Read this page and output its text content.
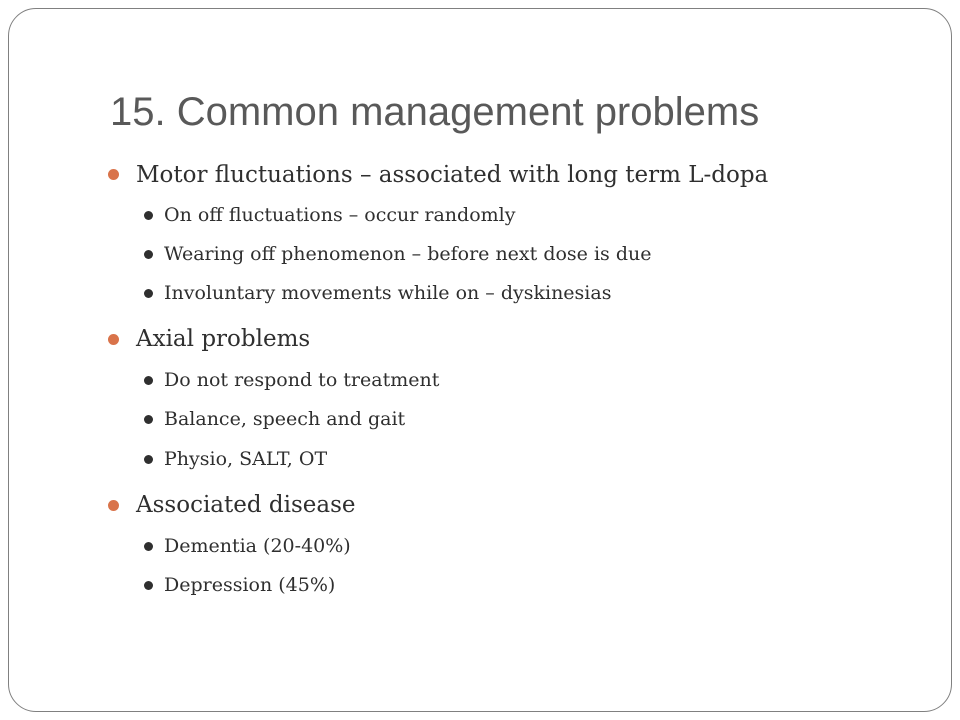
15. Common management problems
Motor fluctuations – associated with long term L-dopa
On off fluctuations – occur randomly
Wearing off phenomenon – before next dose is due
Involuntary movements while on – dyskinesias
Axial problems
Do not respond to treatment
Balance, speech and gait
Physio, SALT, OT
Associated disease
Dementia (20-40%)
Depression (45%)
